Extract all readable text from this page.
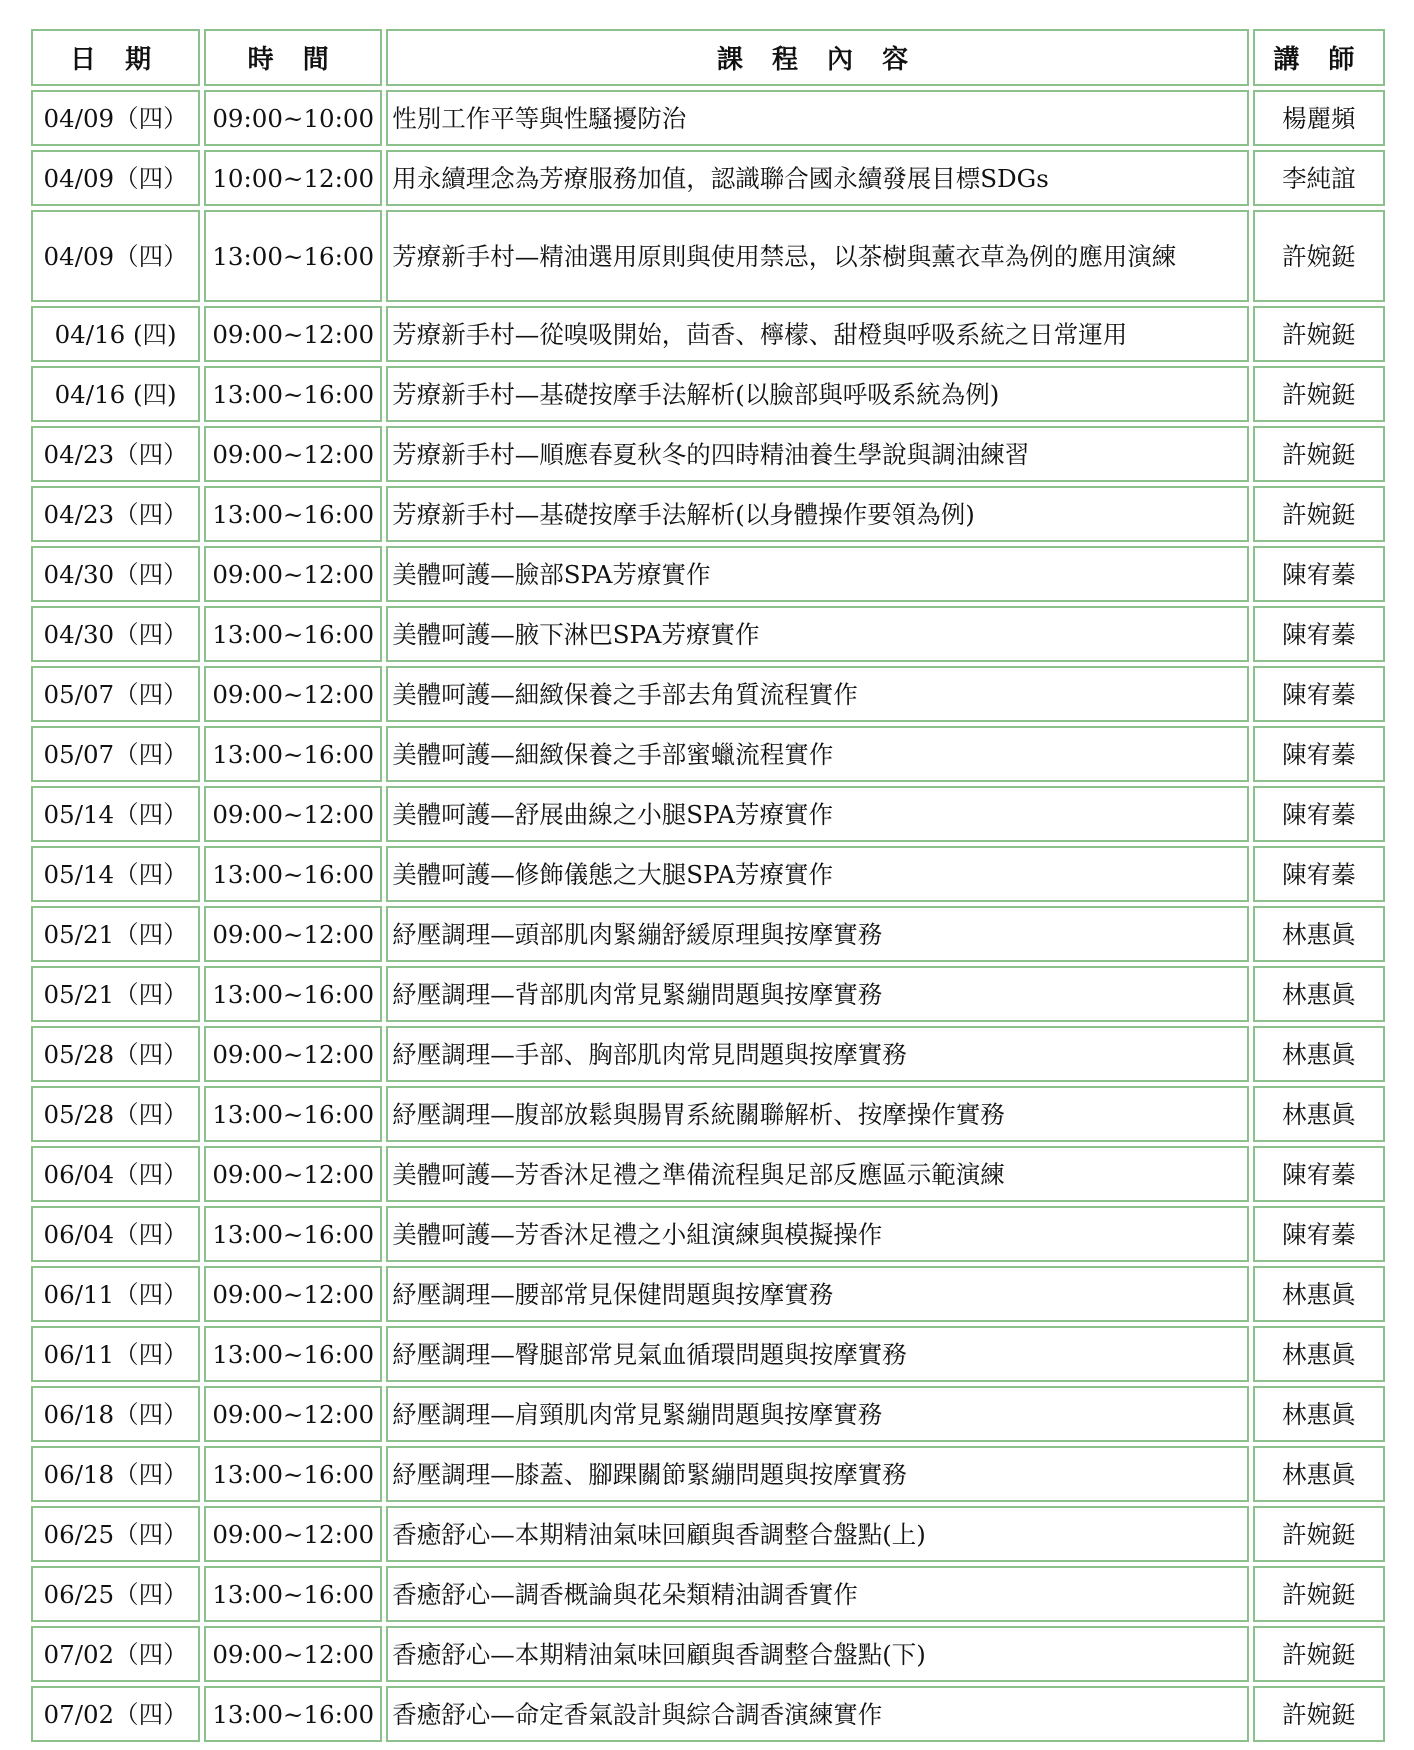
日 期	時 間	課 程 內 容	講 師
04/09（四）	09:00~10:00	性別工作平等與性騷擾防治	楊麗頻
04/09（四）	10:00~12:00	用永續理念為芳療服務加值，認識聯合國永續發展目標SDGs	李純誼
04/09（四）	13:00~16:00	芳療新手村—精油選用原則與使用禁忌，以茶樹與薰衣草為例的應用演練	許婉鋌
04/16 (四)	09:00~12:00	芳療新手村—從嗅吸開始，茴香、檸檬、甜橙與呼吸系統之日常運用	許婉鋌
04/16 (四)	13:00~16:00	芳療新手村—基礎按摩手法解析(以臉部與呼吸系統為例)	許婉鋌
04/23（四）	09:00~12:00	芳療新手村—順應春夏秋冬的四時精油養生學說與調油練習	許婉鋌
04/23（四）	13:00~16:00	芳療新手村—基礎按摩手法解析(以身體操作要領為例)	許婉鋌
04/30（四）	09:00~12:00	美體呵護—臉部SPA芳療實作	陳宥蓁
04/30（四）	13:00~16:00	美體呵護—腋下淋巴SPA芳療實作	陳宥蓁
05/07（四）	09:00~12:00	美體呵護—細緻保養之手部去角質流程實作	陳宥蓁
05/07（四）	13:00~16:00	美體呵護—細緻保養之手部蜜蠟流程實作	陳宥蓁
05/14（四）	09:00~12:00	美體呵護—舒展曲線之小腿SPA芳療實作	陳宥蓁
05/14（四）	13:00~16:00	美體呵護—修飾儀態之大腿SPA芳療實作	陳宥蓁
05/21（四）	09:00~12:00	紓壓調理—頭部肌肉緊繃舒緩原理與按摩實務	林惠眞
05/21（四）	13:00~16:00	紓壓調理—背部肌肉常見緊繃問題與按摩實務	林惠眞
05/28（四）	09:00~12:00	紓壓調理—手部、胸部肌肉常見問題與按摩實務	林惠眞
05/28（四）	13:00~16:00	紓壓調理—腹部放鬆與腸胃系統關聯解析、按摩操作實務	林惠眞
06/04（四）	09:00~12:00	美體呵護—芳香沐足禮之準備流程與足部反應區示範演練	陳宥蓁
06/04（四）	13:00~16:00	美體呵護—芳香沐足禮之小組演練與模擬操作	陳宥蓁
06/11（四）	09:00~12:00	紓壓調理—腰部常見保健問題與按摩實務	林惠眞
06/11（四）	13:00~16:00	紓壓調理—臀腿部常見氣血循環問題與按摩實務	林惠眞
06/18（四）	09:00~12:00	紓壓調理—肩頸肌肉常見緊繃問題與按摩實務	林惠眞
06/18（四）	13:00~16:00	紓壓調理—膝蓋、腳踝關節緊繃問題與按摩實務	林惠眞
06/25（四）	09:00~12:00	香癒舒心—本期精油氣味回顧與香調整合盤點(上)	許婉鋌
06/25（四）	13:00~16:00	香癒舒心—調香概論與花朵類精油調香實作	許婉鋌
07/02（四）	09:00~12:00	香癒舒心—本期精油氣味回顧與香調整合盤點(下)	許婉鋌
07/02（四）	13:00~16:00	香癒舒心—命定香氣設計與綜合調香演練實作	許婉鋌
